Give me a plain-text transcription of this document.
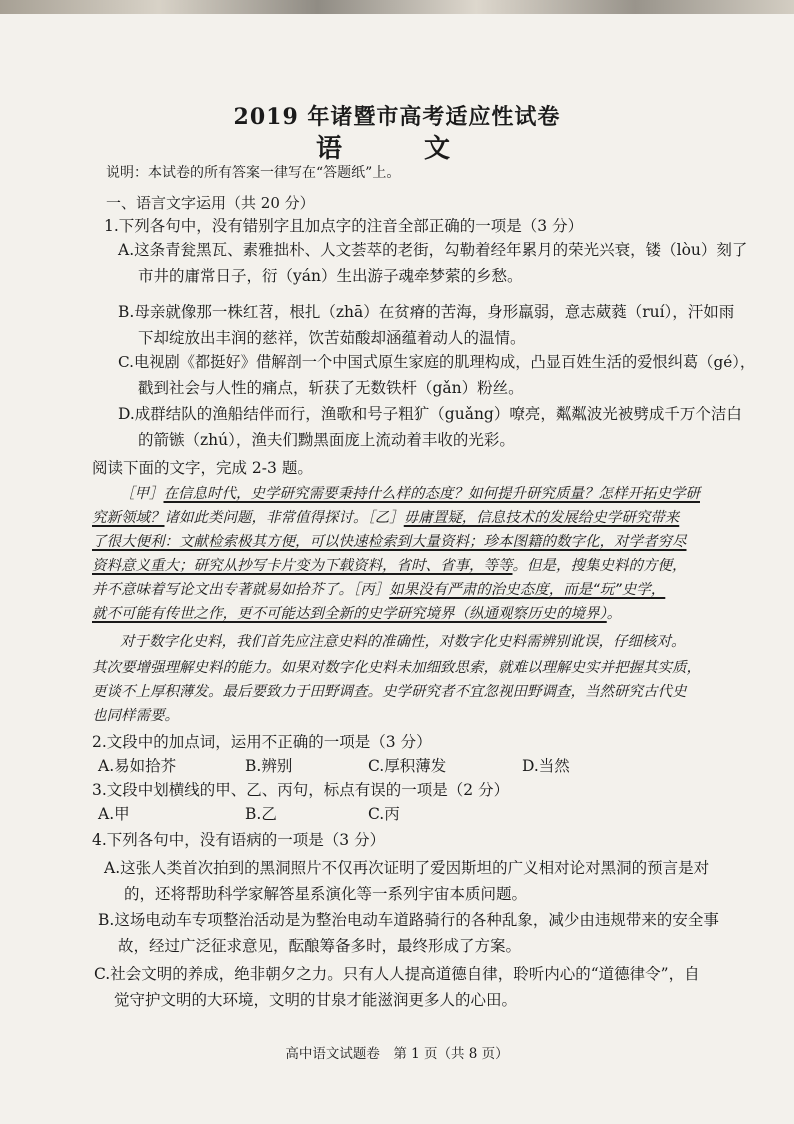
2019 年诸暨市高考适应性试卷
语　文
说明：本试卷的所有答案一律写在“答题纸”上。
一、语言文字运用（共 20 分）
1.下列各句中，没有错别字且加点字的注音全部正确的一项是（3 分）
A.这条青瓮黑瓦、素雅拙朴、人文荟萃的老街，勾勒着经年累月的荣光兴衰，镂（lòu）刻了
市井的庸常日子，衍（yán）生出游子魂牵梦萦的乡愁。
B.母亲就像那一株红苕，根扎（zhā）在贫瘠的苦海，身形羸弱，意志葳蕤（ruí），汗如雨
下却绽放出丰润的慈祥，饮苦茹酸却涵蕴着动人的温情。
C.电视剧《都挺好》借解剖一个中国式原生家庭的肌理构成，凸显百姓生活的爱恨纠葛（gé），
戳到社会与人性的痛点，斩获了无数铁杆（gǎn）粉丝。
D.成群结队的渔船结伴而行，渔歌和号子粗犷（guǎng）嘹亮，粼粼波光被劈成千万个洁白
的箭镞（zhú），渔夫们黝黑面庞上流动着丰收的光彩。
阅读下面的文字，完成 2-3 题。
［甲］在信息时代，史学研究需要秉持什么样的态度？如何提升研究质量？怎样开拓史学研
究新领域？诸如此类问题，非常值得探讨。［乙］毋庸置疑，信息技术的发展给史学研究带来
了很大便利：文献检索极其方便，可以快速检索到大量资料；珍本图籍的数字化，对学者穷尽
资料意义重大；研究从抄写卡片变为下载资料，省时、省事，等等。但是，搜集史料的方便，
并不意味着写论文出专著就易如拾芥了。［丙］如果没有严肃的治史态度，而是“玩”史学，
就不可能有传世之作，更不可能达到全新的史学研究境界（纵通观察历史的境界）。
对于数字化史料，我们首先应注意史料的准确性，对数字化史料需辨别讹误，仔细核对。
其次要增强理解史料的能力。如果对数字化史料未加细致思索，就难以理解史实并把握其实质，
更谈不上厚积薄发。最后要致力于田野调查。史学研究者不宜忽视田野调查，当然研究古代史
也同样需要。
2.文段中的加点词，运用不正确的一项是（3 分）
A.易如拾芥	B.辨别	C.厚积薄发	D.当然
3.文段中划横线的甲、乙、丙句，标点有误的一项是（2 分）
A.甲	B.乙	C.丙
4.下列各句中，没有语病的一项是（3 分）
A.这张人类首次拍到的黑洞照片不仅再次证明了爱因斯坦的广义相对论对黑洞的预言是对
的，还将帮助科学家解答星系演化等一系列宇宙本质问题。
B.这场电动车专项整治活动是为整治电动车道路骑行的各种乱象，减少由违规带来的安全事
故，经过广泛征求意见，酝酿筹备多时，最终形成了方案。
C.社会文明的养成，绝非朝夕之力。只有人人提高道德自律，聆听内心的“道德律令”，自
觉守护文明的大环境，文明的甘泉才能滋润更多人的心田。
高中语文试题卷　第 1 页（共 8 页）
